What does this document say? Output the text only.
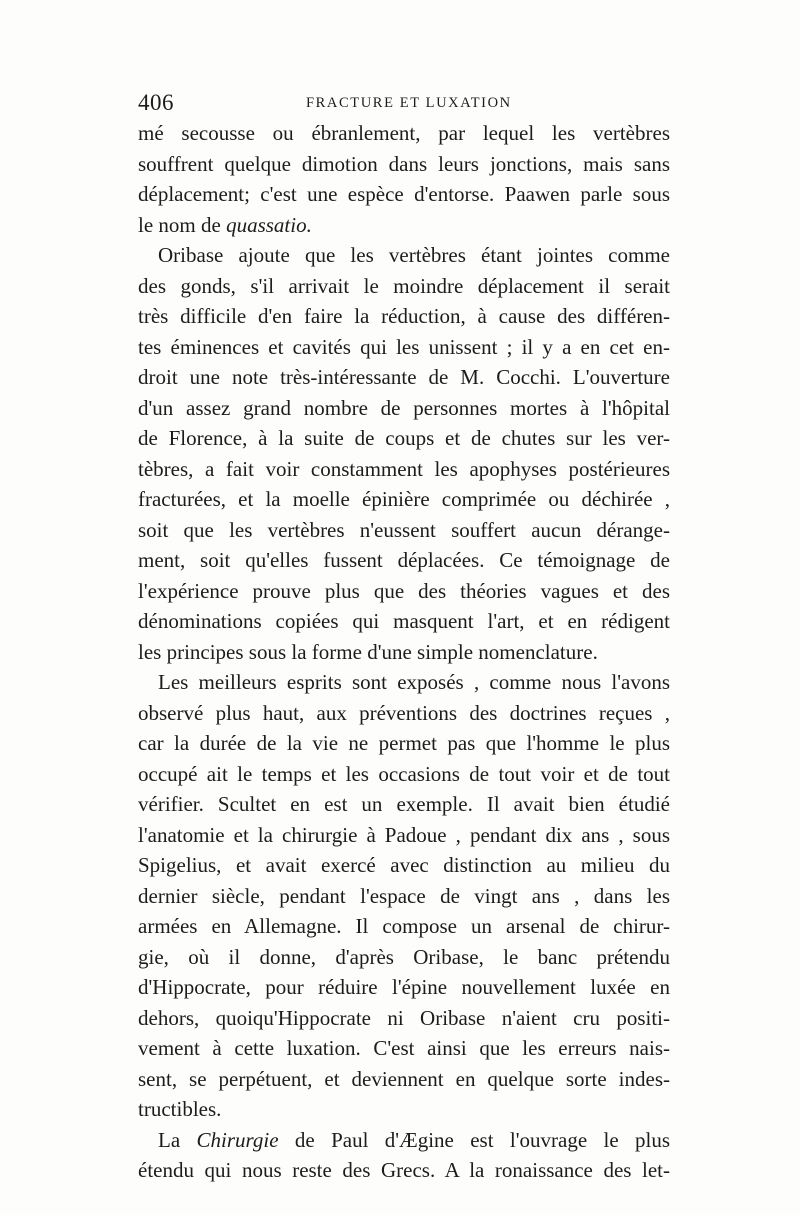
406	FRACTURE ET LUXATION
mé secousse ou ébranlement, par lequel les vertèbres
souffrent quelque dimotion dans leurs jonctions, mais sans
déplacement; c'est une espèce d'entorse. Paawen parle sous
le nom de quassatio.
Oribase ajoute que les vertèbres étant jointes comme
des gonds, s'il arrivait le moindre déplacement il serait
très difficile d'en faire la réduction, à cause des différen-
tes éminences et cavités qui les unissent ; il y a en cet en-
droit une note très-intéressante de M. Cocchi. L'ouverture
d'un assez grand nombre de personnes mortes à l'hôpital
de Florence, à la suite de coups et de chutes sur les ver-
tèbres, a fait voir constamment les apophyses postérieures
fracturées, et la moelle épinière comprimée ou déchirée ,
soit que les vertèbres n'eussent souffert aucun dérange-
ment, soit qu'elles fussent déplacées. Ce témoignage de
l'expérience prouve plus que des théories vagues et des
dénominations copiées qui masquent l'art, et en rédigent
les principes sous la forme d'une simple nomenclature.
Les meilleurs esprits sont exposés , comme nous l'avons
observé plus haut, aux préventions des doctrines reçues ,
car la durée de la vie ne permet pas que l'homme le plus
occupé ait le temps et les occasions de tout voir et de tout
vérifier. Scultet en est un exemple. Il avait bien étudié
l'anatomie et la chirurgie à Padoue , pendant dix ans , sous
Spigelius, et avait exercé avec distinction au milieu du
dernier siècle, pendant l'espace de vingt ans , dans les
armées en Allemagne. Il compose un arsenal de chirur-
gie, où il donne, d'après Oribase, le banc prétendu
d'Hippocrate, pour réduire l'épine nouvellement luxée en
dehors, quoiqu'Hippocrate ni Oribase n'aient cru positi-
vement à cette luxation. C'est ainsi que les erreurs nais-
sent, se perpétuent, et deviennent en quelque sorte indes-
tructibles.
La Chirurgie de Paul d'Ægine est l'ouvrage le plus
étendu qui nous reste des Grecs. A la ronaissance des let-
